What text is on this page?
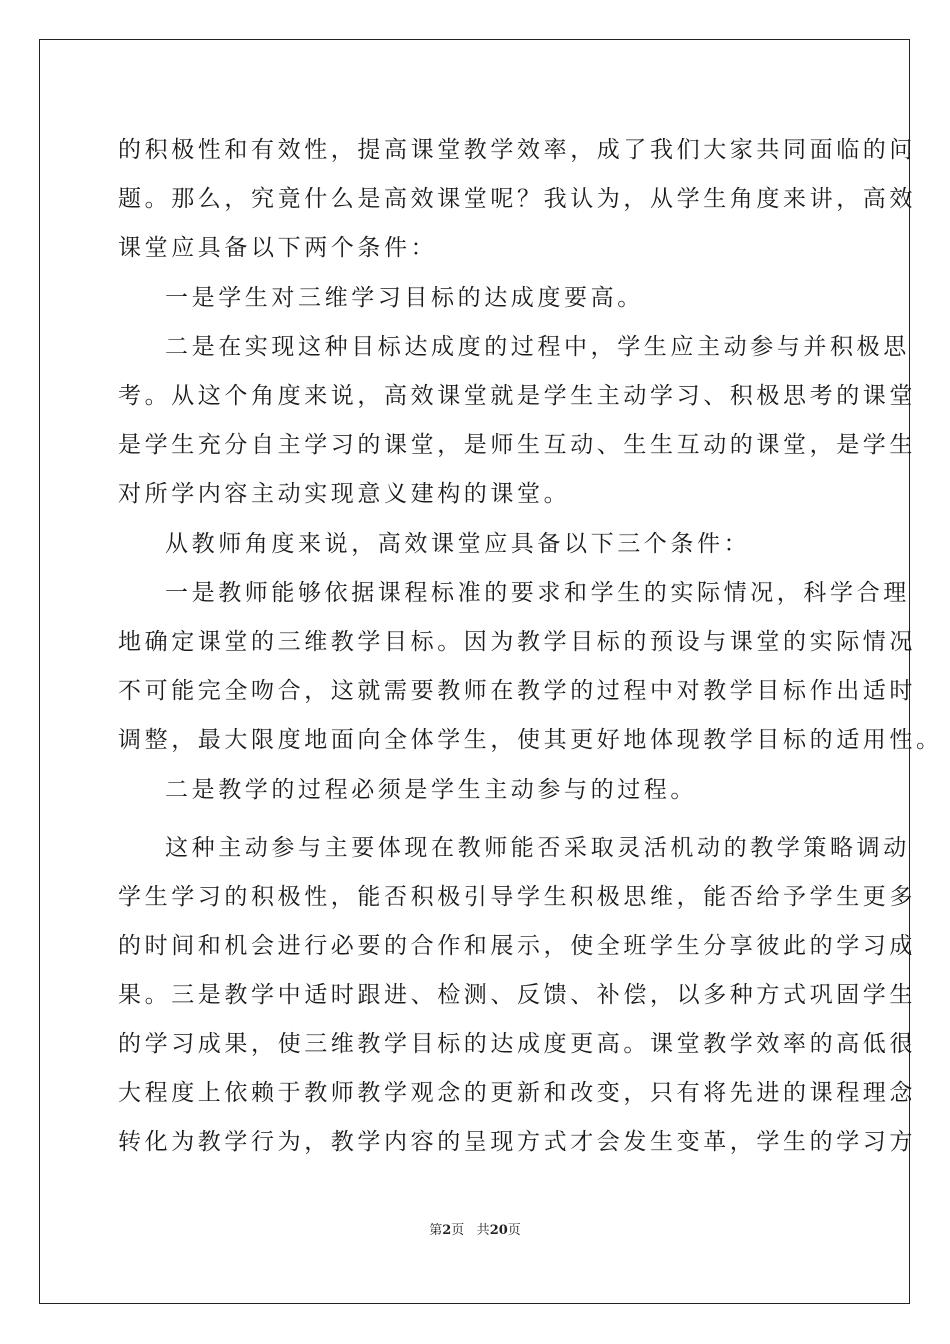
的积极性和有效性，提高课堂教学效率，成了我们大家共同面临的问
题。那么，究竟什么是高效课堂呢？我认为，从学生角度来讲，高效
课堂应具备以下两个条件：
一是学生对三维学习目标的达成度要高。
二是在实现这种目标达成度的过程中，学生应主动参与并积极思
考。从这个角度来说，高效课堂就是学生主动学习、积极思考的课堂
是学生充分自主学习的课堂，是师生互动、生生互动的课堂，是学生
对所学内容主动实现意义建构的课堂。
从教师角度来说，高效课堂应具备以下三个条件：
一是教师能够依据课程标准的要求和学生的实际情况，科学合理
地确定课堂的三维教学目标。因为教学目标的预设与课堂的实际情况
不可能完全吻合，这就需要教师在教学的过程中对教学目标作出适时
调整，最大限度地面向全体学生，使其更好地体现教学目标的适用性。
二是教学的过程必须是学生主动参与的过程。
这种主动参与主要体现在教师能否采取灵活机动的教学策略调动
学生学习的积极性，能否积极引导学生积极思维，能否给予学生更多
的时间和机会进行必要的合作和展示，使全班学生分享彼此的学习成
果。三是教学中适时跟进、检测、反馈、补偿，以多种方式巩固学生
的学习成果，使三维教学目标的达成度更高。课堂教学效率的高低很
大程度上依赖于教师教学观念的更新和改变，只有将先进的课程理念
转化为教学行为，教学内容的呈现方式才会发生变革，学生的学习方
第2页 共20页
